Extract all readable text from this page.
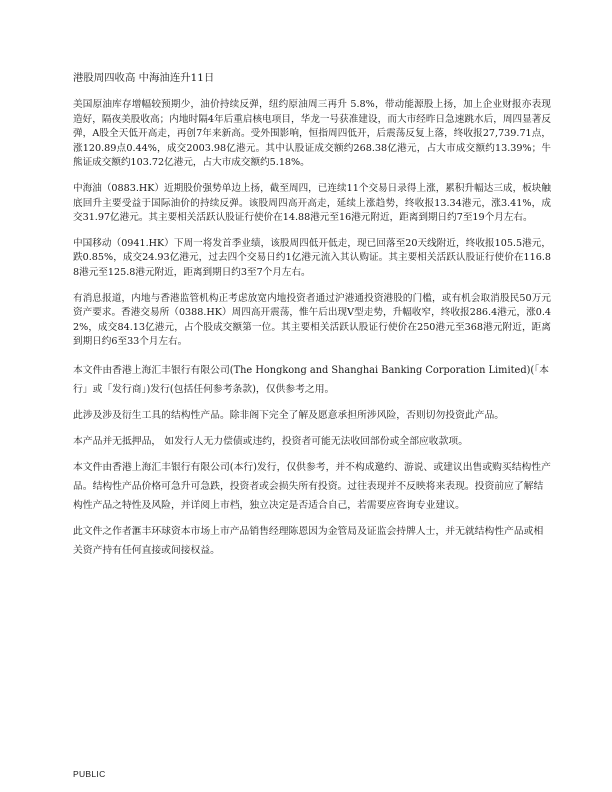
港股周四收高 中海油连升11日

美国原油库存增幅较预期少，油价持续反弹，纽约原油周三再升 5.8%，带动能源股上扬，加上企业财报亦表现造好，隔夜美股收高；内地时隔4年后重启核电项目，华龙一号获准建设，而大市经昨日急速跳水后，周四显著反弹，A股全天低开高走，再创7年来新高。受外围影响，恒指周四低开，后震荡反复上落，终收报27,739.71点，涨120.89点0.44%，成交2003.98亿港元。其中认股证成交额约268.38亿港元，占大市成交额约13.39%；牛熊证成交额约103.72亿港元，占大市成交额约5.18%。

中海油（0883.HK）近期股价强势单边上扬，截至周四，已连续11个交易日录得上涨，累积升幅达三成，板块触底回升主要受益于国际油价的持续反弹。该股周四高开高走，延续上涨趋势，终收报13.34港元，涨3.41%，成交31.97亿港元。其主要相关活跃认股证行使价在14.88港元至16港元附近，距离到期日约7至19个月左右。

中国移动（0941.HK）下周一将发首季业绩，该股周四低开低走，现已回落至20天线附近，终收报105.5港元，跌0.85%，成交24.93亿港元，过去四个交易日约1亿港元流入其认购证。其主要相关活跃认股证行使价在116.88港元至125.8港元附近，距离到期日约3至7个月左右。

有消息报道，内地与香港监管机构正考虑放宽内地投资者通过沪港通投资港股的门槛，或有机会取消股民50万元资产要求。香港交易所（0388.HK）周四高开震荡，惟午后出现V型走势，升幅收窄，终收报286.4港元，涨0.42%，成交84.13亿港元，占个股成交额第一位。其主要相关活跃认股证行使价在250港元至368港元附近，距离到期日约6至33个月左右。

本文件由香港上海汇丰银行有限公司(The Hongkong and Shanghai Banking Corporation Limited)(「本行」或「发行商」)发行(包括任何参考条款)，仅供参考之用。

此涉及涉及衍生工具的结构性产品。除非阁下完全了解及愿意承担所涉风险，否则切勿投资此产品。

本产品并无抵押品， 如发行人无力偿债或违约，投资者可能无法收回部份或全部应收款项。

本文件由香港上海汇丰银行有限公司(本行)发行，仅供参考，并不构成邀约、游说、或建议出售或购买结构性产品。结构性产品价格可急升可急跌，投资者或会损失所有投资。过往表现并不反映将来表现。投资前应了解结构性产品之特性及风险，并详阅上市档，独立决定是否适合自己，若需要应咨询专业建议。

此文件之作者滙丰环球资本市场上市产品销售经理陈恩因为金管局及证监会持牌人士，并无就结构性产品或相关资产持有任何直接或间接权益。

PUBLIC
